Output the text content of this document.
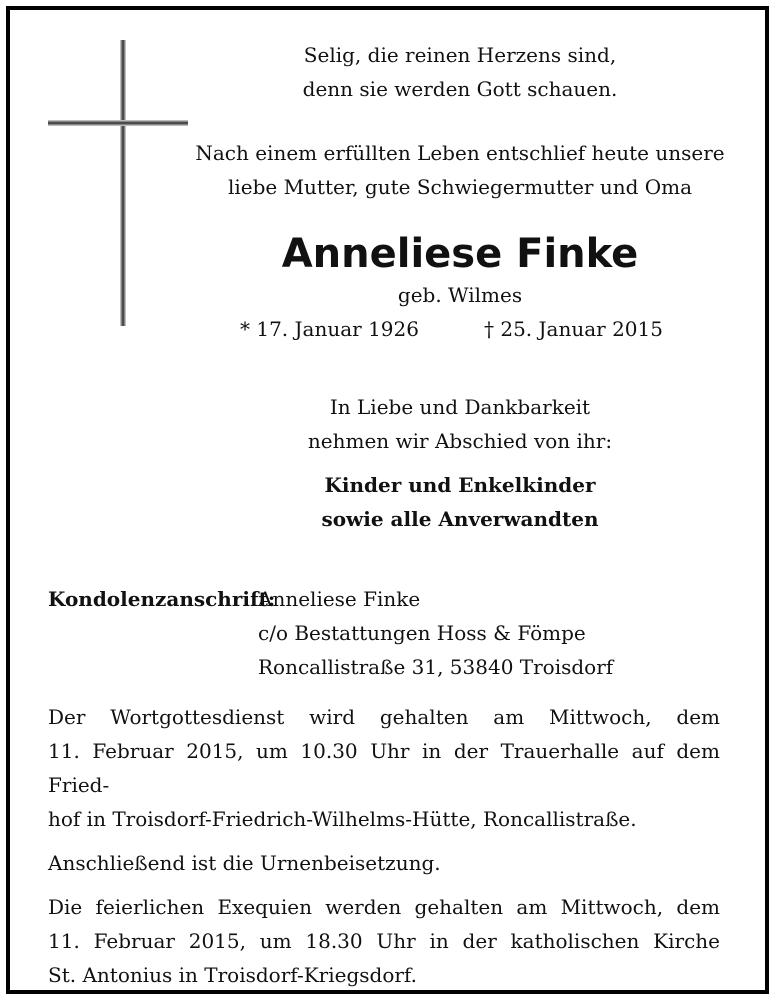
Selig, die reinen Herzens sind,
denn sie werden Gott schauen.
Nach einem erfüllten Leben entschlief heute unsere
liebe Mutter, gute Schwiegermutter und Oma
Anneliese Finke
geb. Wilmes
* 17. Januar 1926	† 25. Januar 2015
In Liebe und Dankbarkeit
nehmen wir Abschied von ihr:
Kinder und Enkelkinder
sowie alle Anverwandten
Kondolenzanschrift:
Anneliese Finke
c/o Bestattungen Hoss & Fömpe
Roncallistraße 31, 53840 Troisdorf

Der Wortgottesdienst wird gehalten am Mittwoch, dem
11. Februar 2015, um 10.30 Uhr in der Trauerhalle auf dem Fried-
hof in Troisdorf-Friedrich-Wilhelms-Hütte, Roncallistraße.

Anschließend ist die Urnenbeisetzung.

Die feierlichen Exequien werden gehalten am Mittwoch, dem
11. Februar 2015, um 18.30 Uhr in der katholischen Kirche
St. Antonius in Troisdorf-Kriegsdorf.
